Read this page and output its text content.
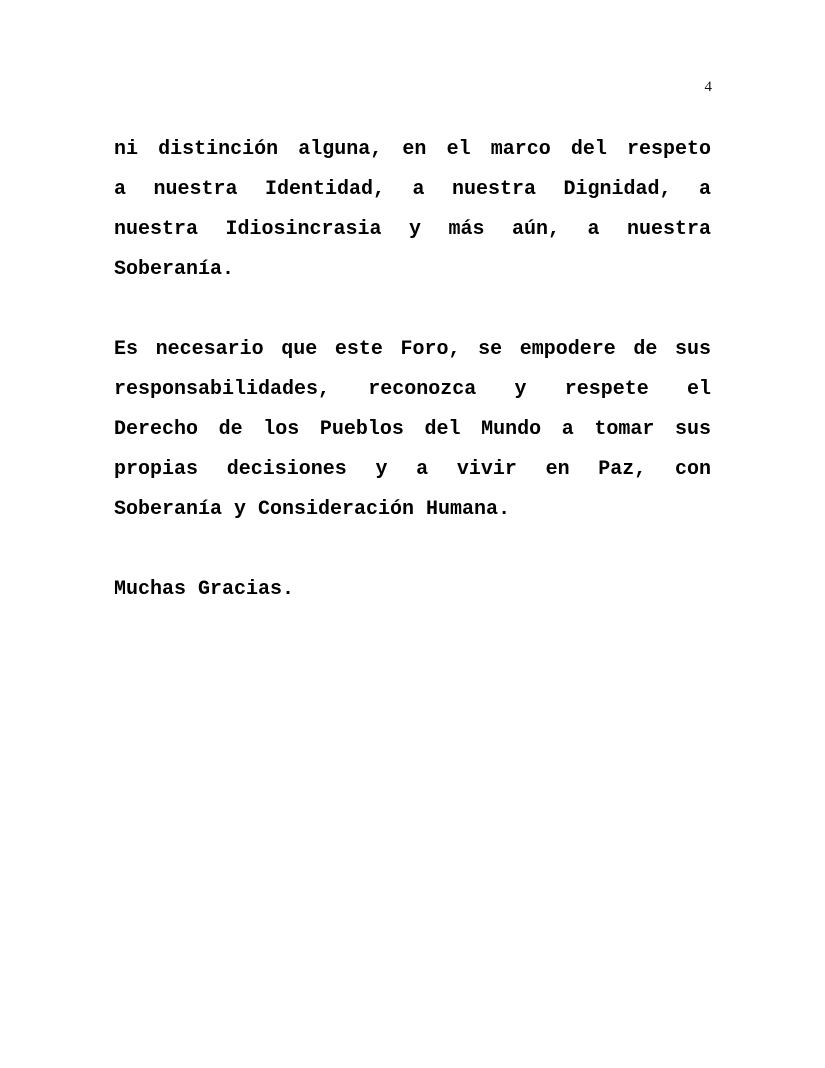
4
ni distinción alguna, en el marco del respeto
a nuestra Identidad, a nuestra Dignidad, a
nuestra Idiosincrasia y más aún, a nuestra
Soberanía.
Es necesario que este Foro, se empodere de sus
responsabilidades, reconozca y respete el
Derecho de los Pueblos del Mundo a tomar sus
propias decisiones y a vivir en Paz, con
Soberanía y Consideración Humana.
Muchas Gracias.
